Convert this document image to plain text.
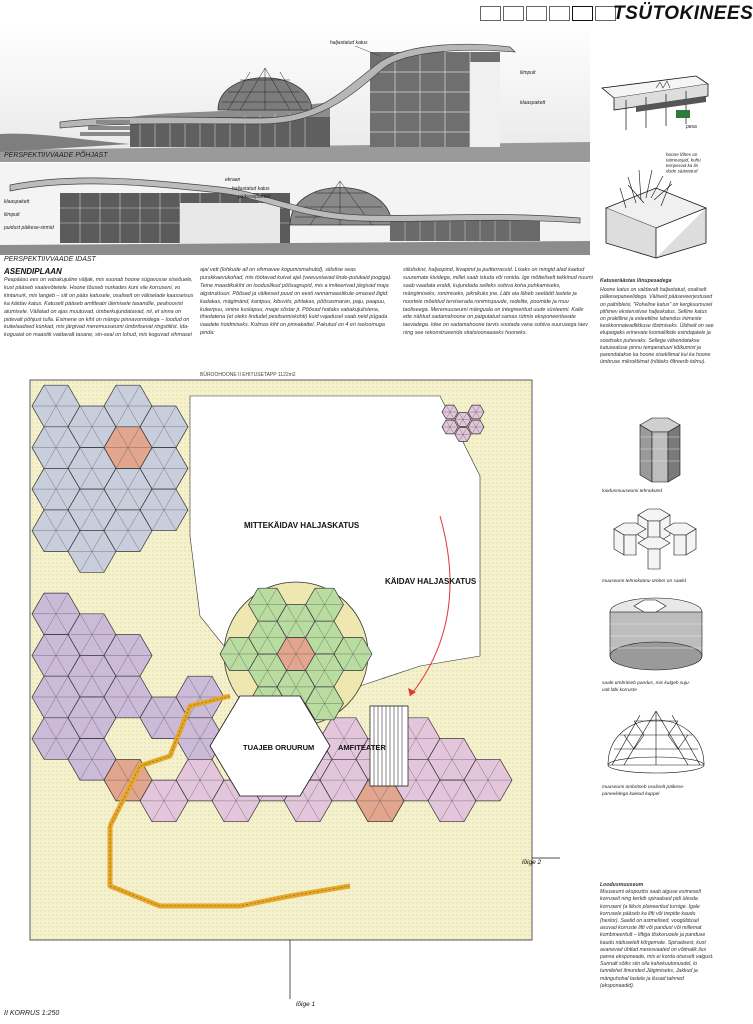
TSÜTOKINEES
haljastatud katus
liimpuit
klaaspakett
pesa
PERSPEKTIIVVAADE PÕHJAST
ekraan
haljastatud katus
päikesepaneel
klaaspakett
liimpuit
puidust päikese-sirmid
hoone lõhes on taimeasjad, kuhu tempevad ka lin dude säästetud
PERSPEKTIIVVAADE IDAST
ASENDIPLAAN
Peapääsu ees on vabakujuline väljak, mis suunab hoone sügavusse siseõuele, kust pääseb vaatevõtetele. Hoone tõuseb nurkades kuni viie korruseni, vo kintanurk, mis langeb – siit on pääs katusele, osaliselt on väliselade kaasseisus ka käidav katus. Katuselt pääseb amfiteatri ülemisele tasandile, peahoovist alumisele. Väliaiad on ajas muutuvad, ümberkujundatavad, nii, et sinna on pidevalt põhjust tulla. Esimene on kiht on mängu pinnavormidega – loodud on kuitelaadsed künkad, mis järgivad meremuuseumi ümbritsevat ringstiilist. Ida-koguaial on maastik vaidavalt tasane, sin-seal on lohud, mis koguvad vihmasel
ajal vett (lohkude all on vihmavee kogumismahutid), siilutise seas purskkaevukohad, mis töötavad kuival ajal (veevustavad linde-putukaid joogiga). Teine maastikukiht on looduslikud põõsagrupid, mis a imiteerivad järgivad maja algstruktuuri. Põõsad ja väikesed puud on eesti rannamaastikule omased liigid: kadakas, mägimänd, kantpuu, kibuvits, pihlakas, põõsasmaran, paju, paapuu, kukerpuu, sinine kuslapuu, mage sõstar jt. Põõsad hoitaks vabakujulistena, tihedatena (et oleks lindudel pesitsemiskohti) kuid vajadusel saab neid pügada vaadete hoidmiseks. Kolmas kiht on pinnakattel. Pakutud on 4 eri iseloomuga pinda:
siilutiskivi, haljaspind, liivapind ja puitterrassid. Lisaks on mingid alad kaetud suuremate kividega, millel saab istuda või ronida. Ige mõtteliselt tekkinud nuumi saab vaadata eraldi, kujundada selleks sobiva koha puhkamiseks, mängimiseks, ronimiseks, piknikuks jne. Läbi aia läheb seeläött lastele ja noortele mõeldud terviserada ronimispuude, redelite, poomide ja muu taoliseega. Meremuuseumi mänguala on integreeritud uude süsteemi. Kalle ette nähtud sadamahoone on paigutatud samas rütmis eksponeeritavate laevadega. Idee on sadamahoone tarvis sootada vana sobiva suurusega laev ning see rekonstrueerida stiatsioonaaseks hooneks.
Katuseräästas liinupesadega
Hoone katus on valdavalt haljastatud, osaliselt päikesepaneelidega. Väliseid pääseveerjestused on paltribleisi, "Roheline katus" on kergkuumusel pilhinev ekstensiivse haljaskatus. Selline katus on praktiline ja esteetiline lahendus inimeste keskkonnateadlikkuse tõstmiseks. Üldiselt on see elupaigaks erinevate loomaliikide esindajatele ja soodsaks puhevaks. Sellega vähendatakse katusealuse pinnu temperatuuri kõikumist ja parendatakse ka hoone sisekliimat kui ka hoone ümbruse mikrokliimat (nõiteks filtreerib tolmu).
BÜROOHOONE II EHITUSETAPP 1122m2
MITTEKÄIDAV HALJASKATUS
KÄIDAV HALJASKATUS
TUAJEB ORUURUM	AMFITEATER
lõige 2
lõige 1
II KORRUS 1:250
loodusmuuseumi tehnokünd
muuseumi tehnoküünu ümber on saalid
saale ümbritseb pandus, mis kulgeb suju-
valt läbi korruste
muuseumi ümbritseb osaliselt päikese-
paneelidega kaetud kuppel
Loodusmuuseum
Muuseumi ekspozitsi saab algusе esimeselt korruselt ning kerkib spiraalsed pidi ülesda korruseni (a liikvis planeeritud turnige. Igale korrusele pääseb ka lifti või trepide kaudu (hexlor). Saalid on astmelised, voogüldusel asuvad korruste lifti või pandust või millemat kombineeritult – liftiga tõskoruoele ja panduse kaudu näitusetelt kõrgemale. Spiraalsest, kust avanevad ühtlad meresvaated on võimalik ilus panna eksponeade, mis ei korda otseselt valgust. Sunnalt sõiks siin olla kahekuutonusdel, lo tunnilehel ilmunded Jäigimiseks, Jakkud ja mänguhohal lastele ja ilusad talnned (eksponaadid).
